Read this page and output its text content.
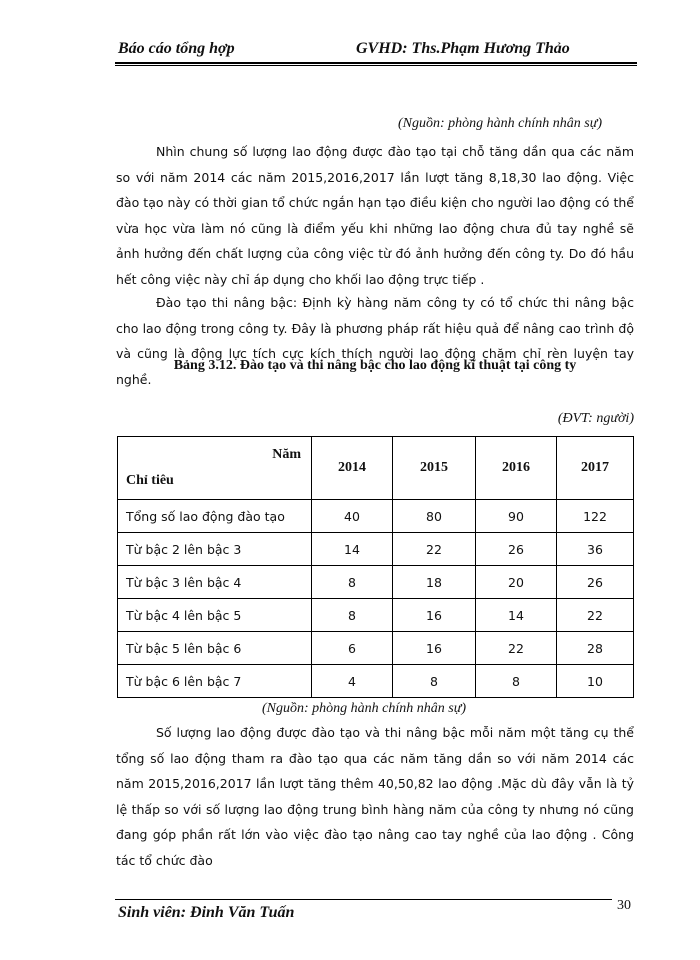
Báo cáo tổng hợp	GVHD: Ths.Phạm Hương Thảo
(Nguồn: phòng hành chính nhân sự)

Nhìn chung số lượng lao động được đào tạo tại chỗ tăng dần qua các năm so với năm 2014 các năm 2015,2016,2017 lần lượt tăng 8,18,30 lao động. Việc đào tạo này có thời gian tổ chức ngắn hạn tạo điều kiện cho người lao động có thể vừa học vừa làm nó cũng là điểm yếu khi những lao động chưa đủ tay nghề sẽ ảnh hưởng đến chất lượng của công việc từ đó ảnh hưởng đến công ty. Do đó hầu hết công việc này chỉ áp dụng cho khối lao động trực tiếp .

Đào tạo thi nâng bậc: Định kỳ hàng năm công ty có tổ chức thi nâng bậc cho lao động trong công ty. Đây là phương pháp rất hiệu quả để nâng cao trình độ và cũng là động lực tích cực kích thích người lao động chăm chỉ rèn luyện tay nghề.

Bảng 3.12. Đào tạo và thi nâng bậc cho lao động kĩ thuật tại công ty
(ĐVT: người)
Năm
Chỉ tiêu	2014	2015	2016	2017
Tổng số lao động đào tạo	40	80	90	122
Từ bậc 2 lên bậc 3	14	22	26	36
Từ bậc 3 lên bậc 4	8	18	20	26
Từ bậc 4 lên bậc 5	8	16	14	22
Từ bậc 5 lên bậc 6	6	16	22	28
Từ bậc 6 lên bậc 7	4	8	8	10
(Nguồn: phòng hành chính nhân sự)

Số lượng lao động được đào tạo và thi nâng bậc mỗi năm một tăng cụ thể tổng số lao động tham ra đào tạo qua các năm tăng dần so với năm 2014 các năm 2015,2016,2017 lần lượt tăng thêm 40,50,82 lao động .Mặc dù đây vẫn là tỷ lệ thấp so với số lượng lao động trung bình hàng năm của công ty nhưng nó cũng đang góp phần rất lớn vào việc đào tạo nâng cao tay nghề của lao động . Công tác tổ chức đào

Sinh viên: Đinh Văn Tuấn	30
